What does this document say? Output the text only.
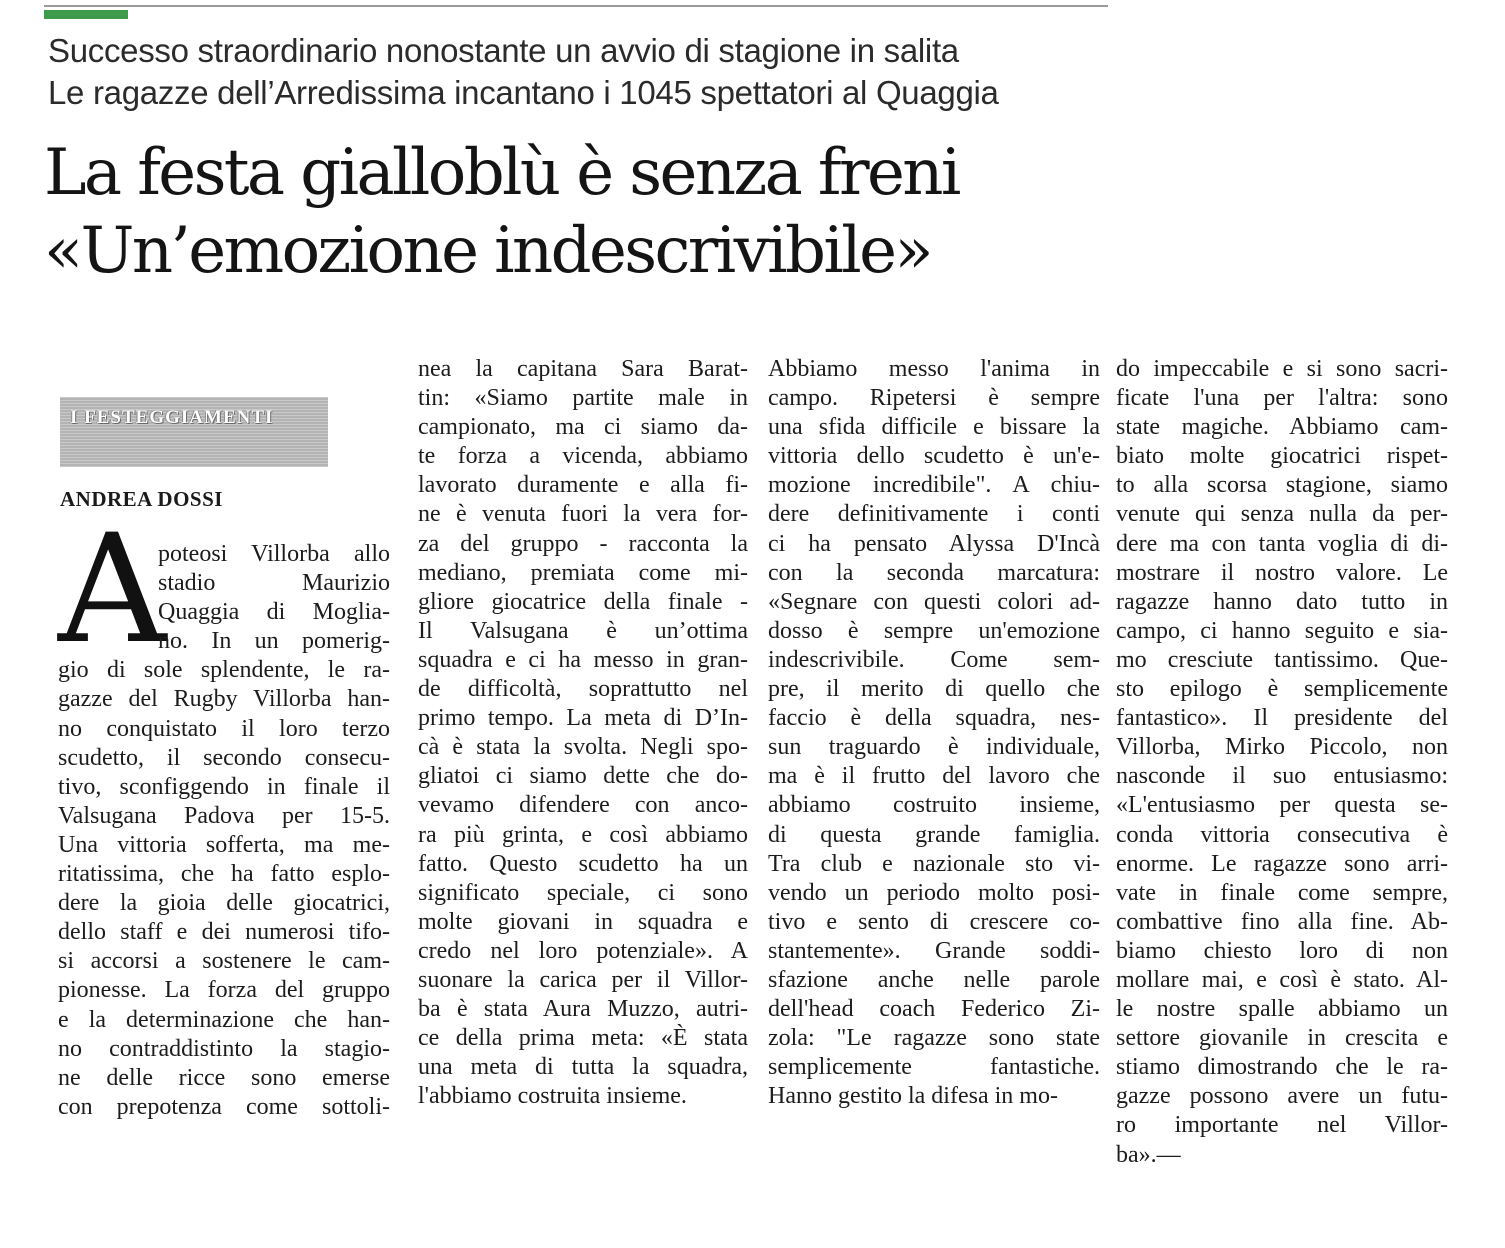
Successo straordinario nonostante un avvio di stagione in salita
Le ragazze dell’Arredissima incantano i 1045 spettatori al Quaggia
La festa gialloblù è senza freni
«Un’emozione indescrivibile»
I FESTEGGIAMENTI
ANDREA DOSSI
A
poteosi Villorba allo
stadio Maurizio
Quaggia di Moglia-
no. In un pomerig-
gio di sole splendente, le ra-
gazze del Rugby Villorba han-
no conquistato il loro terzo
scudetto, il secondo consecu-
tivo, sconfiggendo in finale il
Valsugana Padova per 15-5.
Una vittoria sofferta, ma me-
ritatissima, che ha fatto esplo-
dere la gioia delle giocatrici,
dello staff e dei numerosi tifo-
si accorsi a sostenere le cam-
pionesse. La forza del gruppo
e la determinazione che han-
no contraddistinto la stagio-
ne delle ricce sono emerse
con prepotenza come sottoli-
nea la capitana Sara Barat-
tin: «Siamo partite male in
campionato, ma ci siamo da-
te forza a vicenda, abbiamo
lavorato duramente e alla fi-
ne è venuta fuori la vera for-
za del gruppo - racconta la
mediano, premiata come mi-
gliore giocatrice della finale -
Il Valsugana è un’ottima
squadra e ci ha messo in gran-
de difficoltà, soprattutto nel
primo tempo. La meta di D’In-
cà è stata la svolta. Negli spo-
gliatoi ci siamo dette che do-
vevamo difendere con anco-
ra più grinta, e così abbiamo
fatto. Questo scudetto ha un
significato speciale, ci sono
molte giovani in squadra e
credo nel loro potenziale». A
suonare la carica per il Villor-
ba è stata Aura Muzzo, autri-
ce della prima meta: «È stata
una meta di tutta la squadra,
l'abbiamo costruita insieme.
Abbiamo messo l'anima in
campo. Ripetersi è sempre
una sfida difficile e bissare la
vittoria dello scudetto è un'e-
mozione incredibile". A chiu-
dere definitivamente i conti
ci ha pensato Alyssa D'Incà
con la seconda marcatura:
«Segnare con questi colori ad-
dosso è sempre un'emozione
indescrivibile. Come sem-
pre, il merito di quello che
faccio è della squadra, nes-
sun traguardo è individuale,
ma è il frutto del lavoro che
abbiamo costruito insieme,
di questa grande famiglia.
Tra club e nazionale sto vi-
vendo un periodo molto posi-
tivo e sento di crescere co-
stantemente». Grande soddi-
sfazione anche nelle parole
dell'head coach Federico Zi-
zola: "Le ragazze sono state
semplicemente fantastiche.
Hanno gestito la difesa in mo-
do impeccabile e si sono sacri-
ficate l'una per l'altra: sono
state magiche. Abbiamo cam-
biato molte giocatrici rispet-
to alla scorsa stagione, siamo
venute qui senza nulla da per-
dere ma con tanta voglia di di-
mostrare il nostro valore. Le
ragazze hanno dato tutto in
campo, ci hanno seguito e sia-
mo cresciute tantissimo. Que-
sto epilogo è semplicemente
fantastico». Il presidente del
Villorba, Mirko Piccolo, non
nasconde il suo entusiasmo:
«L'entusiasmo per questa se-
conda vittoria consecutiva è
enorme. Le ragazze sono arri-
vate in finale come sempre,
combattive fino alla fine. Ab-
biamo chiesto loro di non
mollare mai, e così è stato. Al-
le nostre spalle abbiamo un
settore giovanile in crescita e
stiamo dimostrando che le ra-
gazze possono avere un futu-
ro importante nel Villor-
ba».—
